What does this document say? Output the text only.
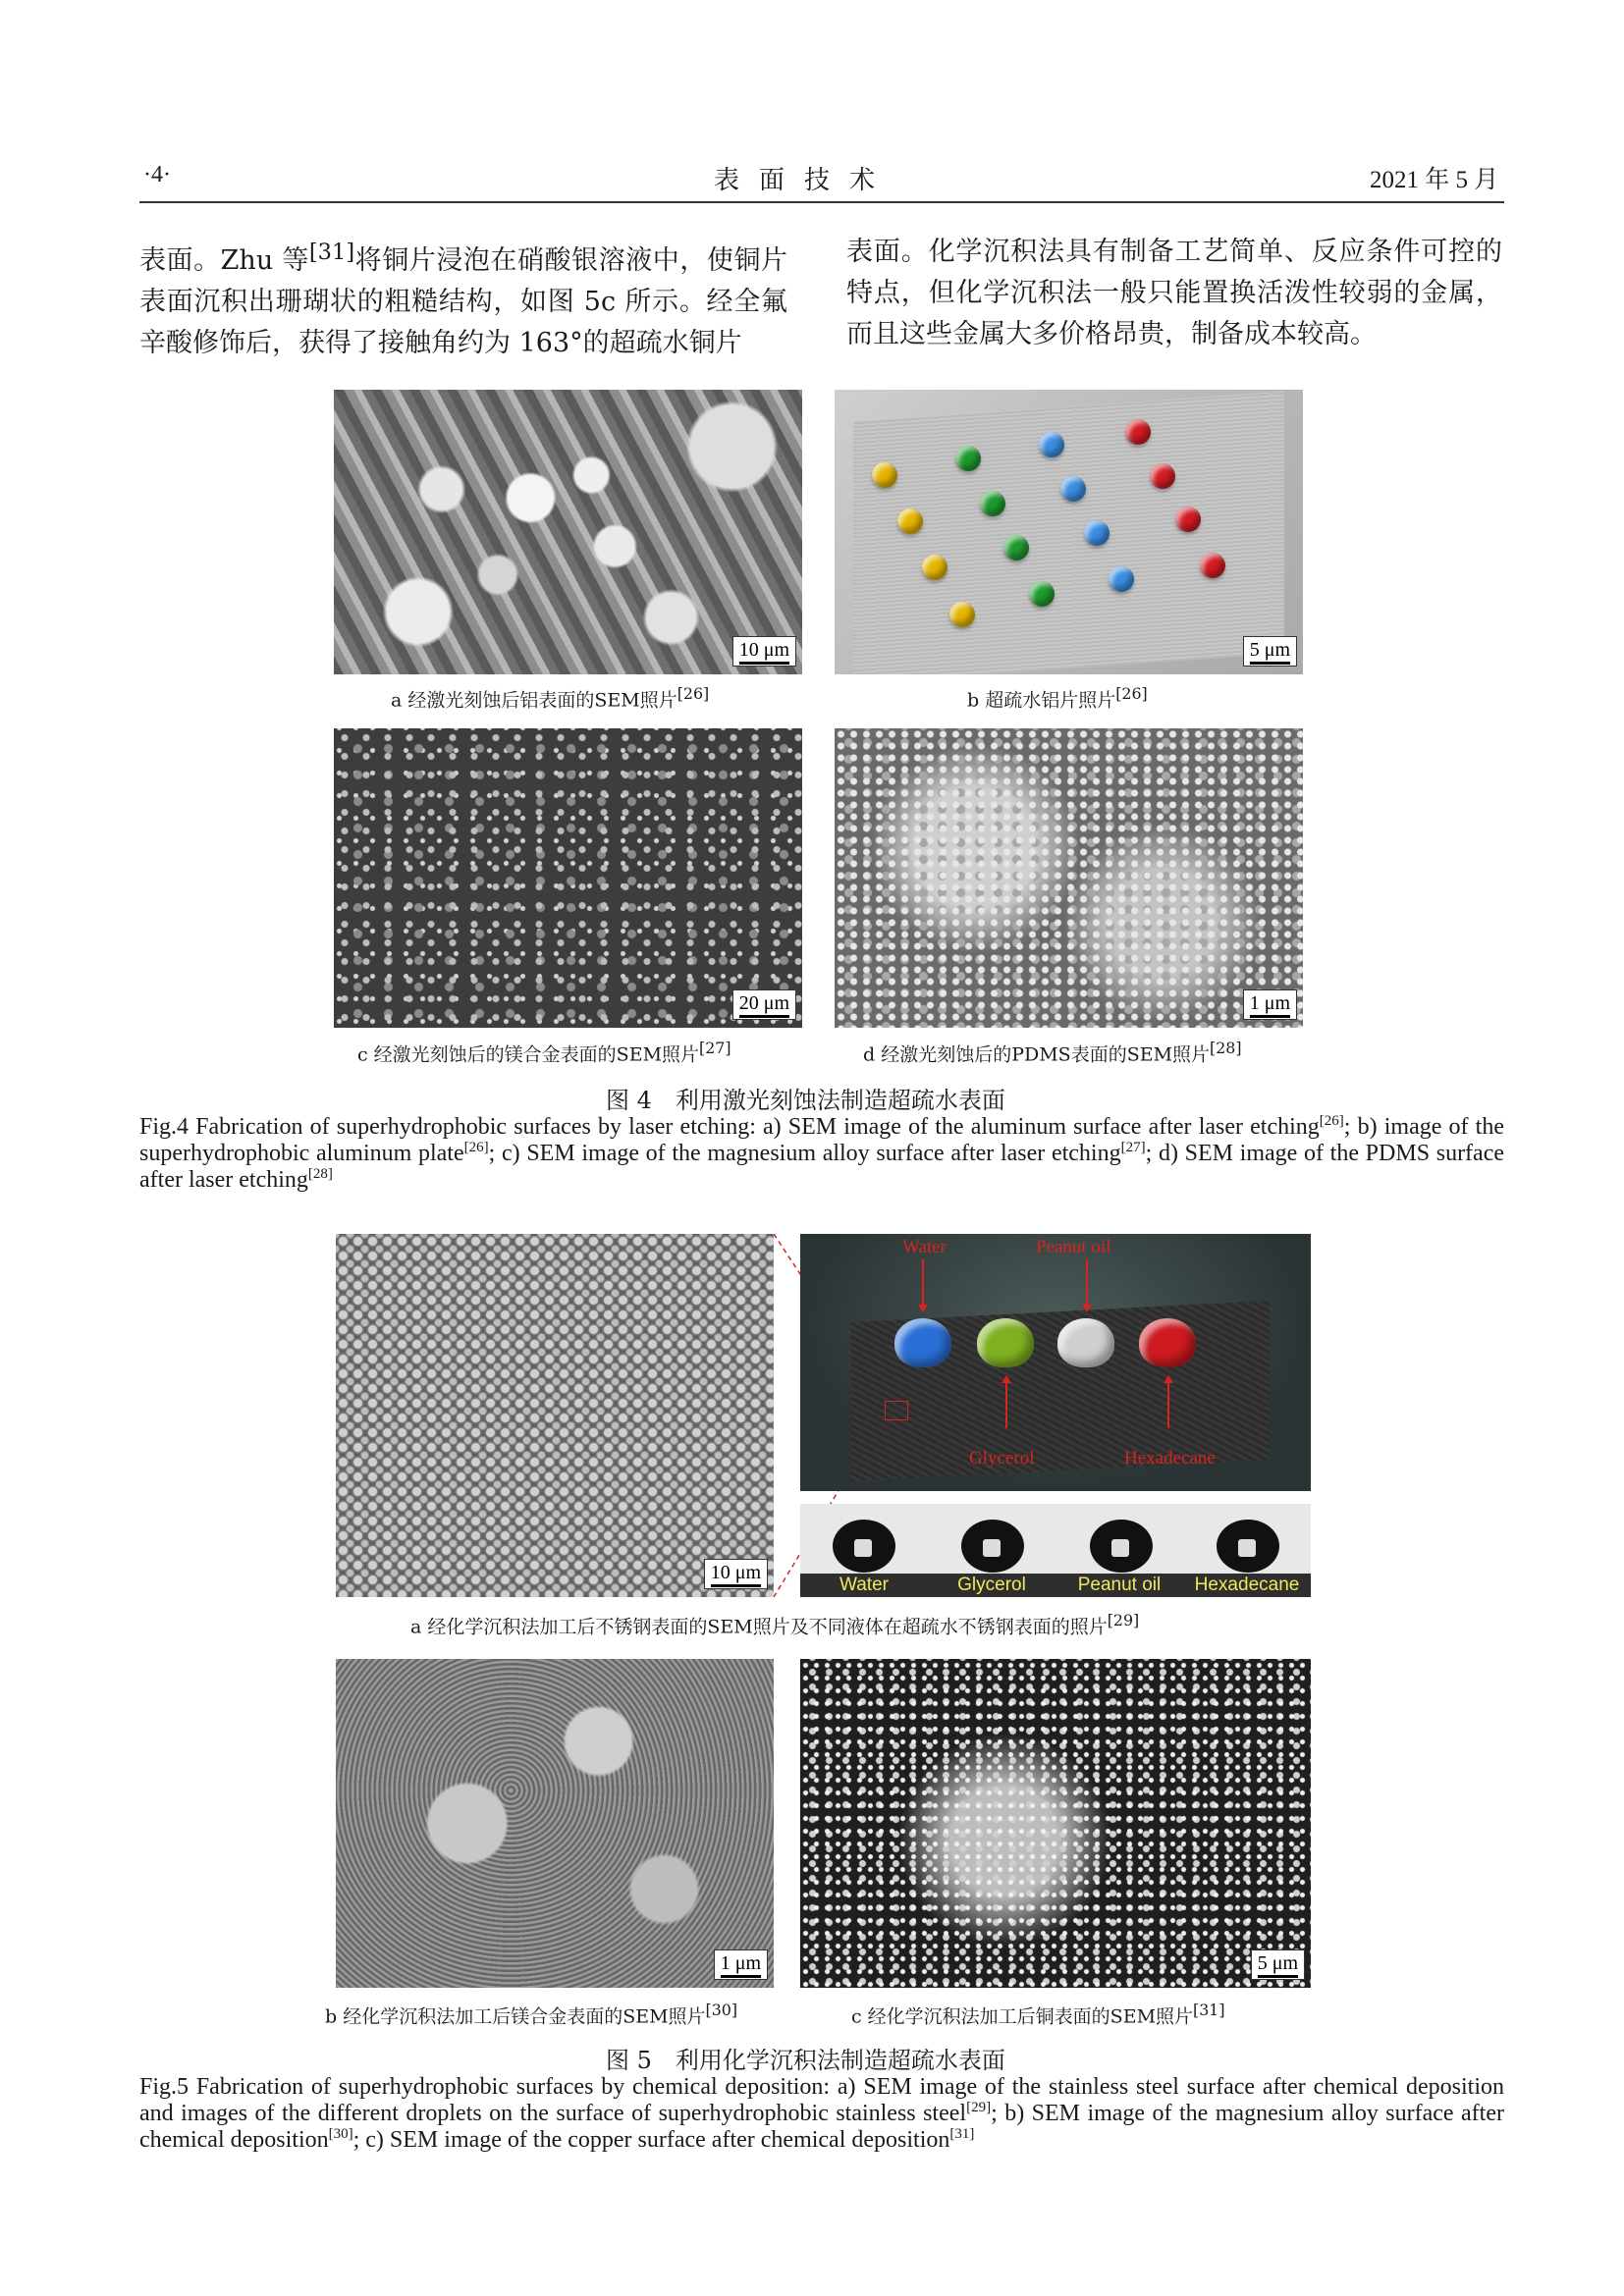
·4·	表面技术	2021 年 5 月

表面。Zhu 等[31]将铜片浸泡在硝酸银溶液中，使铜片表面沉积出珊瑚状的粗糙结构，如图 5c 所示。经全氟辛酸修饰后，获得了接触角约为 163°的超疏水铜片

表面。化学沉积法具有制备工艺简单、反应条件可控的特点，但化学沉积法一般只能置换活泼性较弱的金属，而且这些金属大多价格昂贵，制备成本较高。

10 μm	5 μm
a 经激光刻蚀后铝表面的SEM照片[26]	b 超疏水铝片照片[26]
20 μm	1 μm
c 经激光刻蚀后的镁合金表面的SEM照片[27]	d 经激光刻蚀后的PDMS表面的SEM照片[28]
图 4　利用激光刻蚀法制造超疏水表面
Fig.4 Fabrication of superhydrophobic surfaces by laser etching: a) SEM image of the aluminum surface after laser etching[26]; b) image of the superhydrophobic aluminum plate[26]; c) SEM image of the magnesium alloy surface after laser etching[27]; d) SEM image of the PDMS surface after laser etching[28]
10 μm
Water	Peanut oil
Glycerol	Hexadecane
Water	Glycerol	Peanut oil	Hexadecane
a 经化学沉积法加工后不锈钢表面的SEM照片及不同液体在超疏水不锈钢表面的照片[29]
1 μm	5 μm
b 经化学沉积法加工后镁合金表面的SEM照片[30]	c 经化学沉积法加工后铜表面的SEM照片[31]
图 5　利用化学沉积法制造超疏水表面
Fig.5 Fabrication of superhydrophobic surfaces by chemical deposition: a) SEM image of the stainless steel surface after chemical deposition and images of the different droplets on the surface of superhydrophobic stainless steel[29]; b) SEM image of the magnesium alloy surface after chemical deposition[30]; c) SEM image of the copper surface after chemical deposition[31]
